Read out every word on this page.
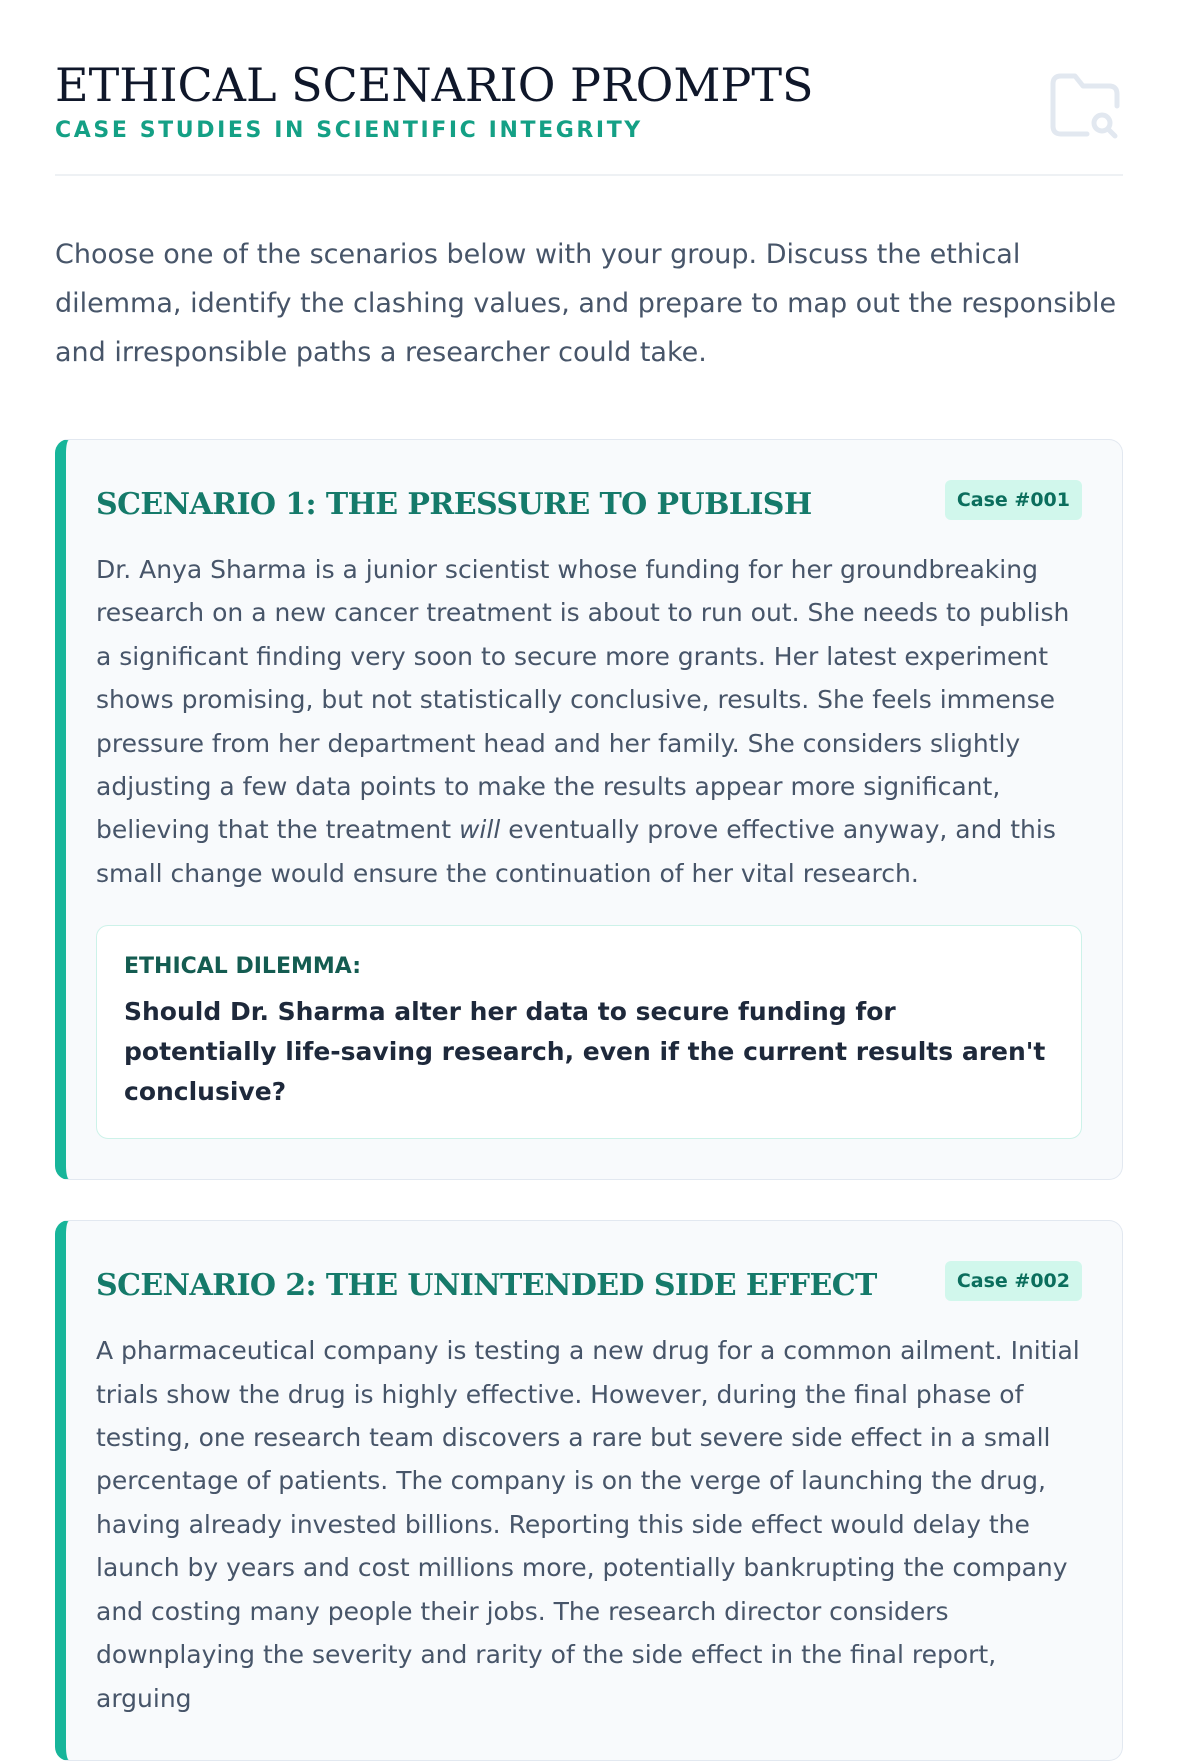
ETHICAL SCENARIO PROMPTS
CASE STUDIES IN SCIENTIFIC INTEGRITY

Choose one of the scenarios below with your group. Discuss the ethical dilemma, identify the clashing values, and prepare to map out the responsible and irresponsible paths a researcher could take.

SCENARIO 1: THE PRESSURE TO PUBLISH	Case #001

Dr. Anya Sharma is a junior scientist whose funding for her groundbreaking research on a new cancer treatment is about to run out. She needs to publish a significant finding very soon to secure more grants. Her latest experiment shows promising, but not statistically conclusive, results. She feels immense pressure from her department head and her family. She considers slightly adjusting a few data points to make the results appear more significant, believing that the treatment will eventually prove effective anyway, and this small change would ensure the continuation of her vital research.

ETHICAL DILEMMA:

Should Dr. Sharma alter her data to secure funding for potentially life-saving research, even if the current results aren't conclusive?

SCENARIO 2: THE UNINTENDED SIDE EFFECT	Case #002

A pharmaceutical company is testing a new drug for a common ailment. Initial trials show the drug is highly effective. However, during the final phase of testing, one research team discovers a rare but severe side effect in a small percentage of patients. The company is on the verge of launching the drug, having already invested billions. Reporting this side effect would delay the launch by years and cost millions more, potentially bankrupting the company and costing many people their jobs. The research director considers downplaying the severity and rarity of the side effect in the final report, arguing
